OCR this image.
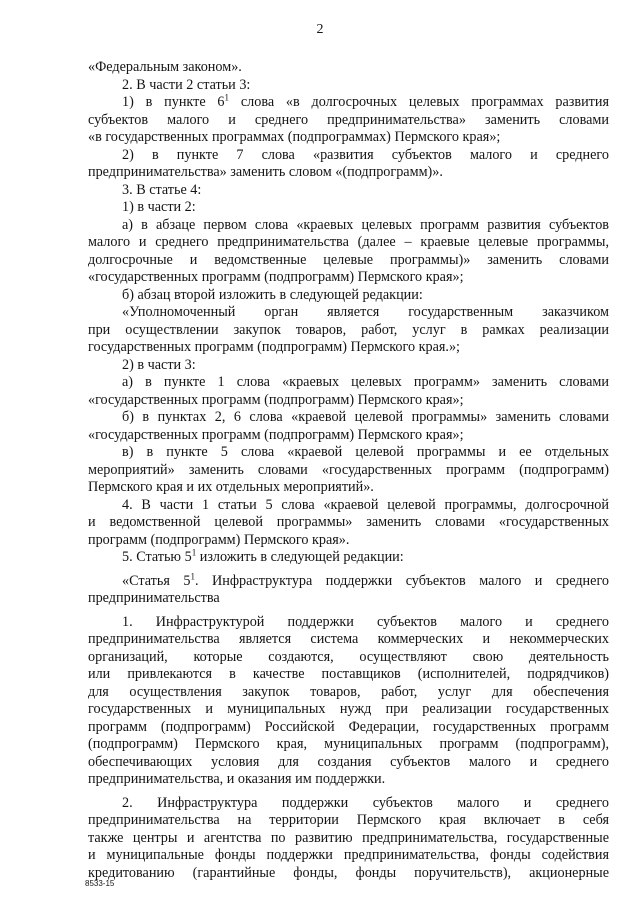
2
«Федеральным законом».
2. В части 2 статьи 3:
1) в пункте $6^1$ слова «в долгосрочных целевых программах развития
субъектов малого и среднего предпринимательства» заменить словами
«в государственных программах (подпрограммах) Пермского края»;
2) в пункте 7 слова «развития субъектов малого и среднего
предпринимательства» заменить словом «(подпрограмм)».
3. В статье 4:
1) в части 2:
а) в абзаце первом слова «краевых целевых программ развития субъектов
малого и среднего предпринимательства (далее – краевые целевые программы,
долгосрочные и ведомственные целевые программы)» заменить словами
«государственных программ (подпрограмм) Пермского края»;
б) абзац второй изложить в следующей редакции:
«Уполномоченный орган является государственным заказчиком
при осуществлении закупок товаров, работ, услуг в рамках реализации
государственных программ (подпрограмм) Пермского края.»;
2) в части 3:
а) в пункте 1 слова «краевых целевых программ» заменить словами
«государственных программ (подпрограмм) Пермского края»;
б) в пунктах 2, 6 слова «краевой целевой программы» заменить словами
«государственных программ (подпрограмм) Пермского края»;
в) в пункте 5 слова «краевой целевой программы и ее отдельных
мероприятий» заменить словами «государственных программ (подпрограмм)
Пермского края и их отдельных мероприятий».
4. В части 1 статьи 5 слова «краевой целевой программы, долгосрочной
и ведомственной целевой программы» заменить словами «государственных
программ (подпрограмм) Пермского края».
5. Статью $5^1$ изложить в следующей редакции:
«Статья $5^1$. Инфраструктура поддержки субъектов малого и среднего
предпринимательства
1. Инфраструктурой поддержки субъектов малого и среднего
предпринимательства является система коммерческих и некоммерческих
организаций, которые создаются, осуществляют свою деятельность
или привлекаются в качестве поставщиков (исполнителей, подрядчиков)
для осуществления закупок товаров, работ, услуг для обеспечения
государственных и муниципальных нужд при реализации государственных
программ (подпрограмм) Российской Федерации, государственных программ
(подпрограмм) Пермского края, муниципальных программ (подпрограмм),
обеспечивающих условия для создания субъектов малого и среднего
предпринимательства, и оказания им поддержки.
2. Инфраструктура поддержки субъектов малого и среднего
предпринимательства на территории Пермского края включает в себя
также центры и агентства по развитию предпринимательства, государственные
и муниципальные фонды поддержки предпринимательства, фонды содействия
кредитованию (гарантийные фонды, фонды поручительств), акционерные
8533-15
